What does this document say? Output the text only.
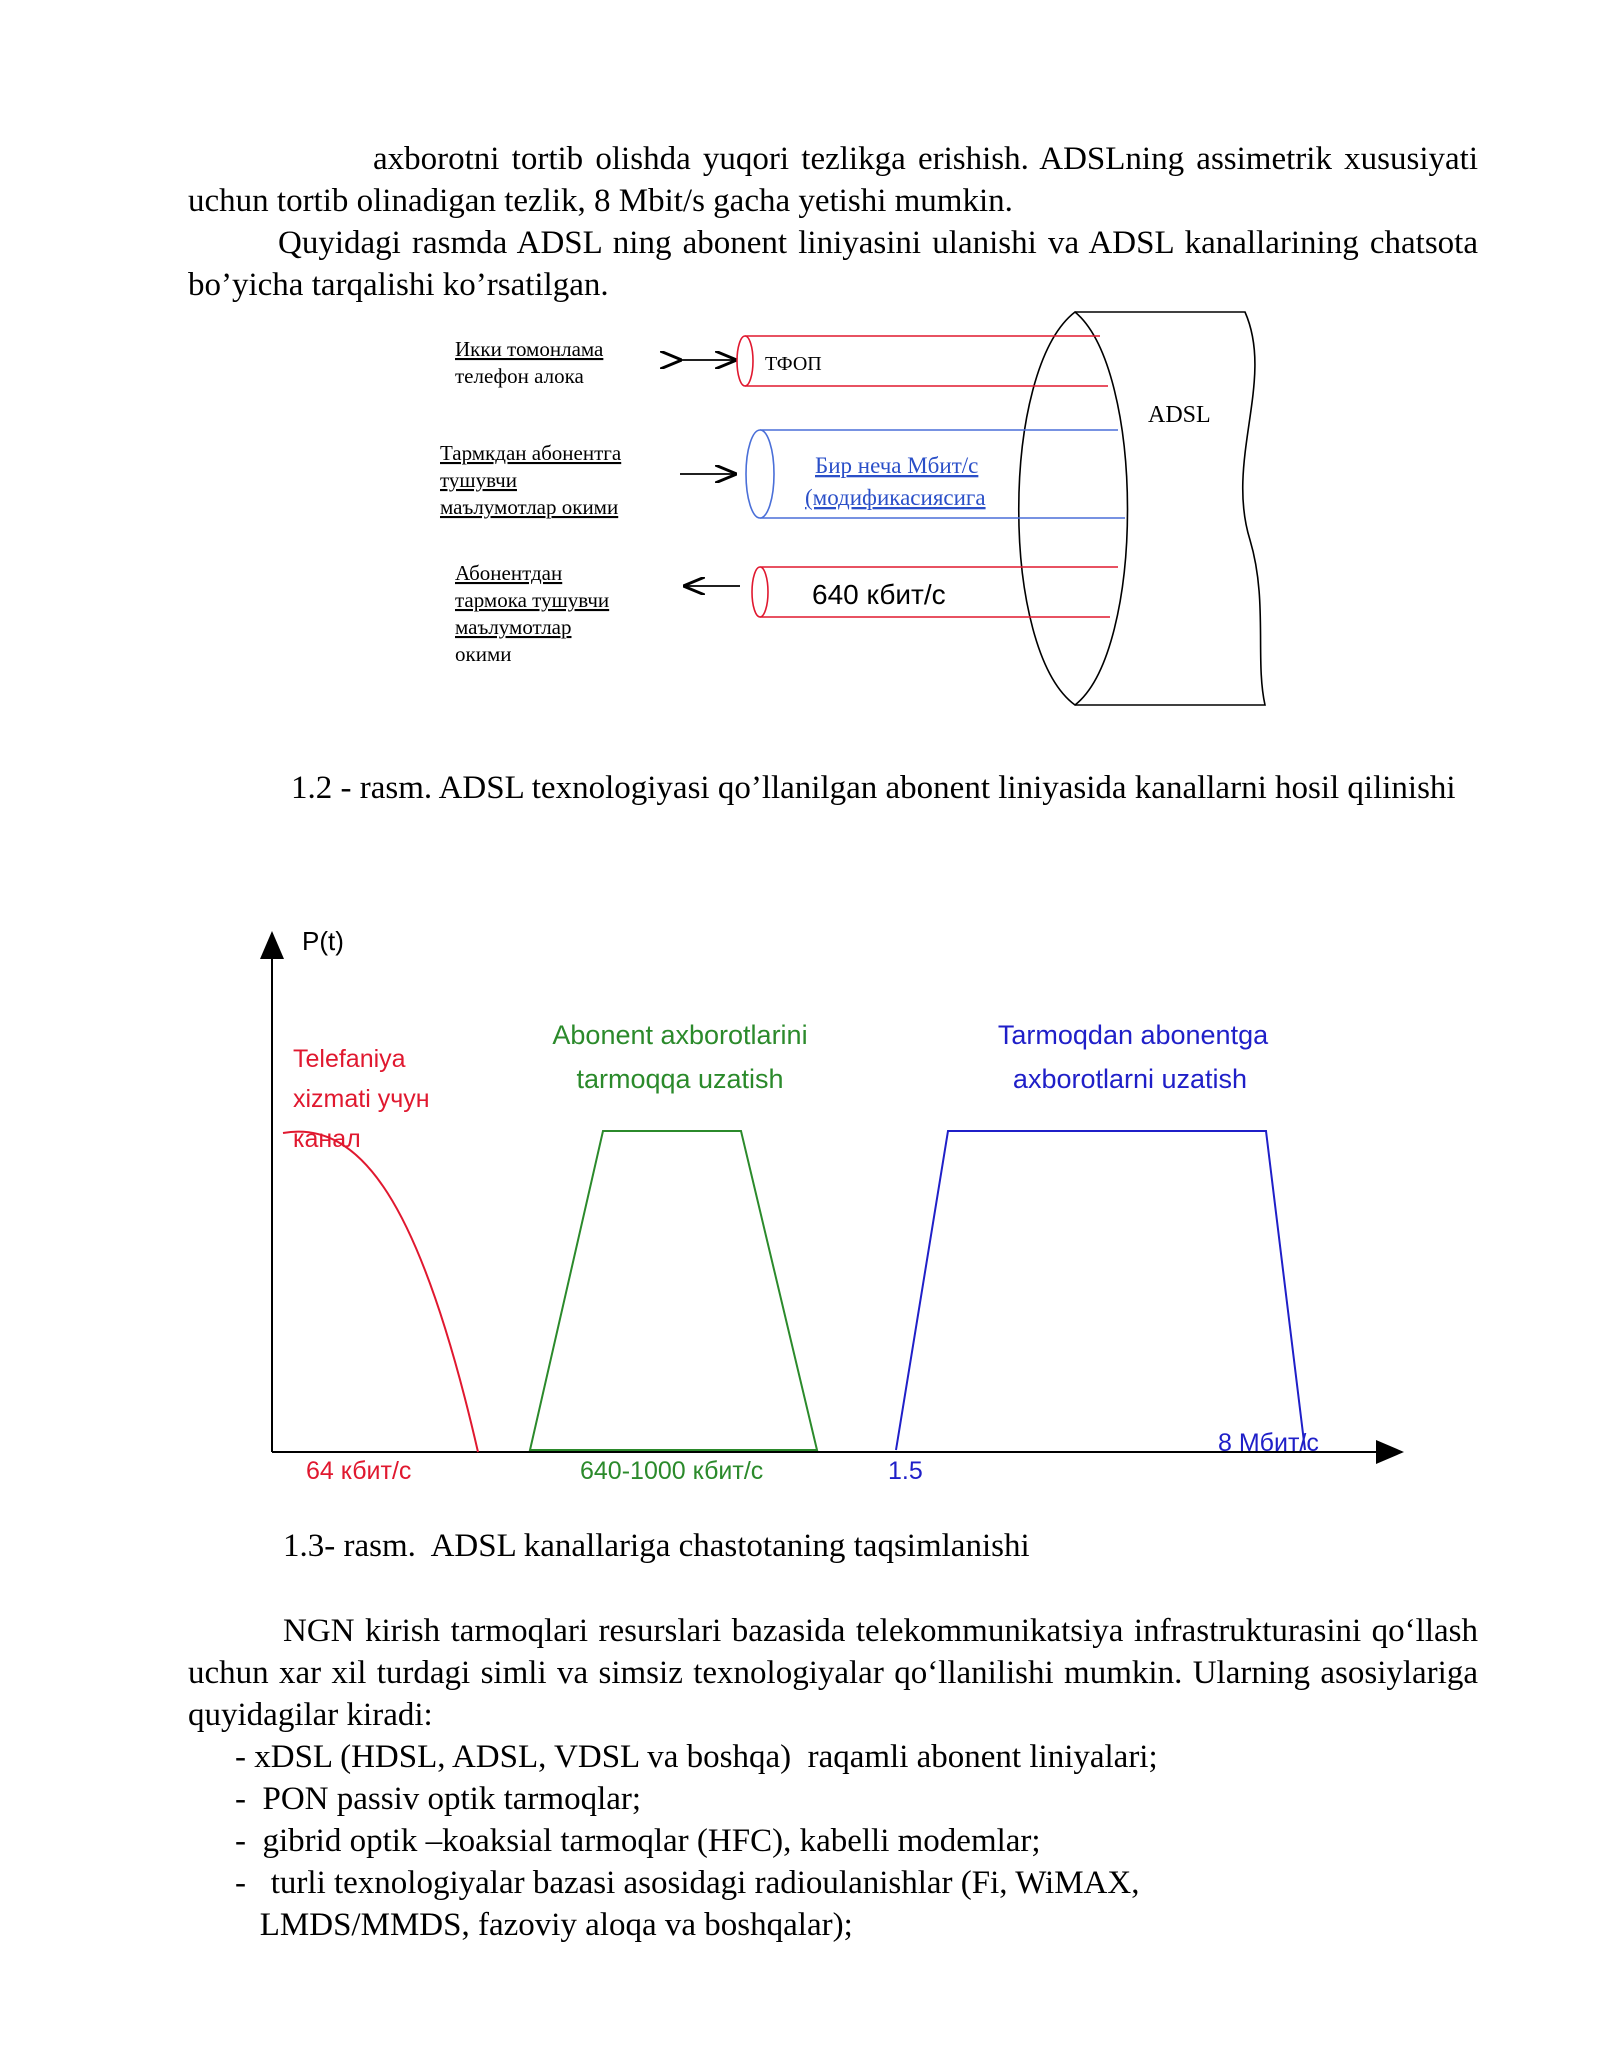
axborotni tortib olishda yuqori tezlikga erishish. ADSLning assimetrik xususiyati uchun tortib olinadigan tezlik, 8 Mbit/s gacha yetishi mumkin.

Quyidagi rasmda ADSL ning abonent liniyasini ulanishi va ADSL kanallarining chatsota bo’yicha tarqalishi ko’rsatilgan.

Икки томонлама
телефон алока
Тармкдан абонентга
тушувчи
маълумотлар окими
Абонентдан
тармока тушувчи
маълумотлар
окими
ADSL
ТФОП
Бир неча Мбит/с
(модификасиясига
640 кбит/с

1.2 - rasm. ADSL texnologiyasi qo’llanilgan abonent liniyasida kanallarni hosil qilinishi

P(t)
Telefaniya
xizmati учун
канал
Abonent axborotlarini
tarmoqqa uzatish
Tarmoqdan abonentga
axborotlarni uzatish
64 кбит/с	640-1000 кбит/с	1.5
8 Мбит/с

1.3- rasm.  ADSL kanallariga chastotaning taqsimlanishi

NGN kirish tarmoqlari resurslari bazasida telekommunikatsiya infrastrukturasini qo‘llash uchun xar xil turdagi simli va simsiz texnologiyalar qo‘llanilishi mumkin. Ularning asosiylariga quyidagilar kiradi:

- xDSL (HDSL, ADSL, VDSL va boshqa)  raqamli abonent liniyalari;
-  PON passiv optik tarmoqlar;
-  gibrid optik –koaksial tarmoqlar (HFC), kabelli modemlar;
-   turli texnologiyalar bazasi asosidagi radioulanishlar (Fi, WiMAX,
LMDS/MMDS, fazoviy aloqa va boshqalar);
